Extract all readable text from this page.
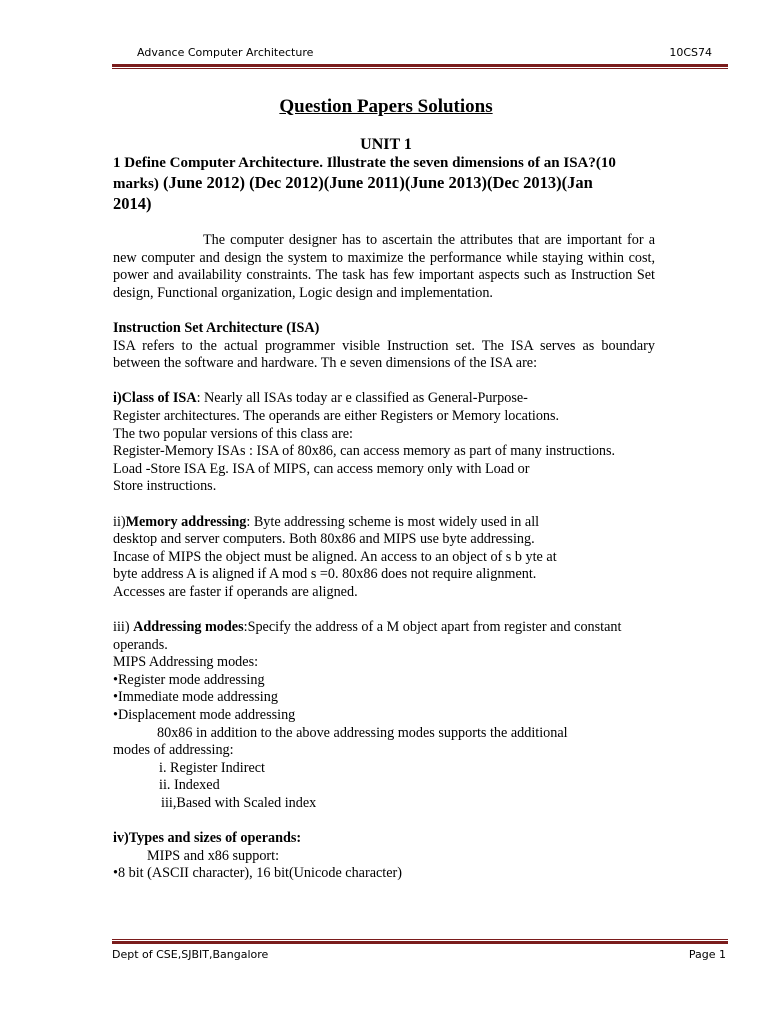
Advance Computer Architecture	10CS74
Question Papers Solutions
UNIT 1
1 Define Computer Architecture. Illustrate the seven dimensions of an ISA?(10
marks) (June 2012) (Dec 2012)(June 2011)(June 2013)(Dec 2013)(Jan
2014)

The computer designer has to ascertain the attributes that are important for a new computer and design the system to maximize the performance while staying within cost, power and availability constraints. The task has few important aspects such as Instruction Set design, Functional organization, Logic design and implementation.

Instruction Set Architecture (ISA)

ISA refers to the actual programmer visible Instruction set. The ISA serves as boundary between the software and hardware. Th e seven dimensions of the ISA are:

i)Class of ISA: Nearly all ISAs today ar e classified as General-Purpose-

Register architectures. The operands are either Registers or Memory locations.

The two popular versions of this class are:

Register-Memory ISAs : ISA of 80x86, can access memory as part of many instructions.

Load -Store ISA Eg. ISA of MIPS, can access memory only with Load or

Store instructions.

ii)Memory addressing: Byte addressing scheme is most widely used in all

desktop and server computers. Both 80x86 and MIPS use byte addressing.

Incase of MIPS the object must be aligned. An access to an object of s b yte at

byte address A is aligned if A mod s =0. 80x86 does not require alignment.

Accesses are faster if operands are aligned.

iii) Addressing modes:Specify the address of a M object apart from register and constant

operands.

MIPS Addressing modes:

•Register mode addressing

•Immediate mode addressing

•Displacement mode addressing

80x86 in addition to the above addressing modes supports the additional

modes of addressing:

i. Register Indirect

ii. Indexed

iii,Based with Scaled index

iv)Types and sizes of operands:

MIPS and x86 support:

•8 bit (ASCII character), 16 bit(Unicode character)

Dept of CSE,SJBIT,Bangalore	Page 1
